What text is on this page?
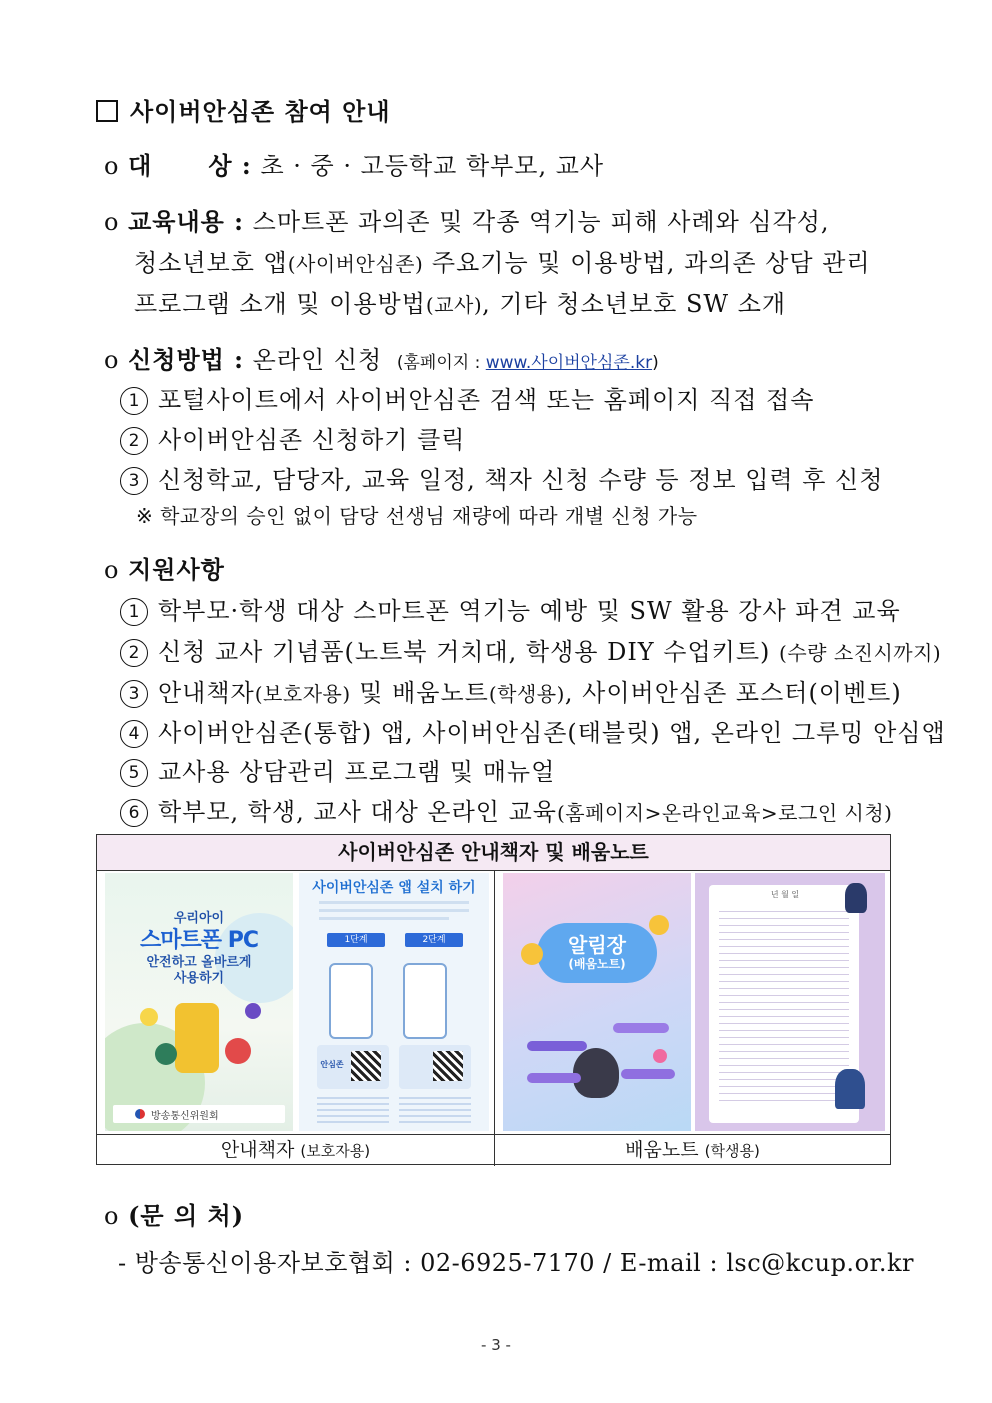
사이버안심존 참여 안내
o 대      상 : 초 · 중 · 고등학교 학부모, 교사
o 교육내용 : 스마트폰 과의존 및 각종 역기능 피해 사례와 심각성,
청소년보호 앱(사이버안심존) 주요기능 및 이용방법, 과의존 상담 관리
프로그램 소개 및 이용방법(교사), 기타 청소년보호 SW 소개
o 신청방법 : 온라인 신청 (홈페이지 : www.사이버안심존.kr)
1 포털사이트에서 사이버안심존 검색 또는 홈페이지 직접 접속
2 사이버안심존 신청하기 클릭
3 신청학교, 담당자, 교육 일정, 책자 신청 수량 등 정보 입력 후 신청
※ 학교장의 승인 없이 담당 선생님 재량에 따라 개별 신청 가능
o 지원사항
1 학부모·학생 대상 스마트폰 역기능 예방 및 SW 활용 강사 파견 교육
2 신청 교사 기념품(노트북 거치대, 학생용 DIY 수업키트) (수량 소진시까지)
3 안내책자(보호자용) 및 배움노트(학생용), 사이버안심존 포스터(이벤트)
4 사이버안심존(통합) 앱, 사이버안심존(태블릿) 앱, 온라인 그루밍 안심앱
5 교사용 상담관리 프로그램 및 매뉴얼
6 학부모, 학생, 교사 대상 온라인 교육(홈페이지>온라인교육>로그인 시청)
사이버안심존 안내책자 및 배움노트
우리아이
스마트폰 PC
안전하고 올바르게
사용하기
방송통신위원회
사이버안심존 앱 설치 하기
1단계	2단계
안심존
알림장
(배움노트)
년 월 일
안내책자 (보호자용)	배움노트 (학생용)
o (문 의 처)
- 방송통신이용자보호협회 : 02-6925-7170 / E-mail : lsc@kcup.or.kr
- 3 -
